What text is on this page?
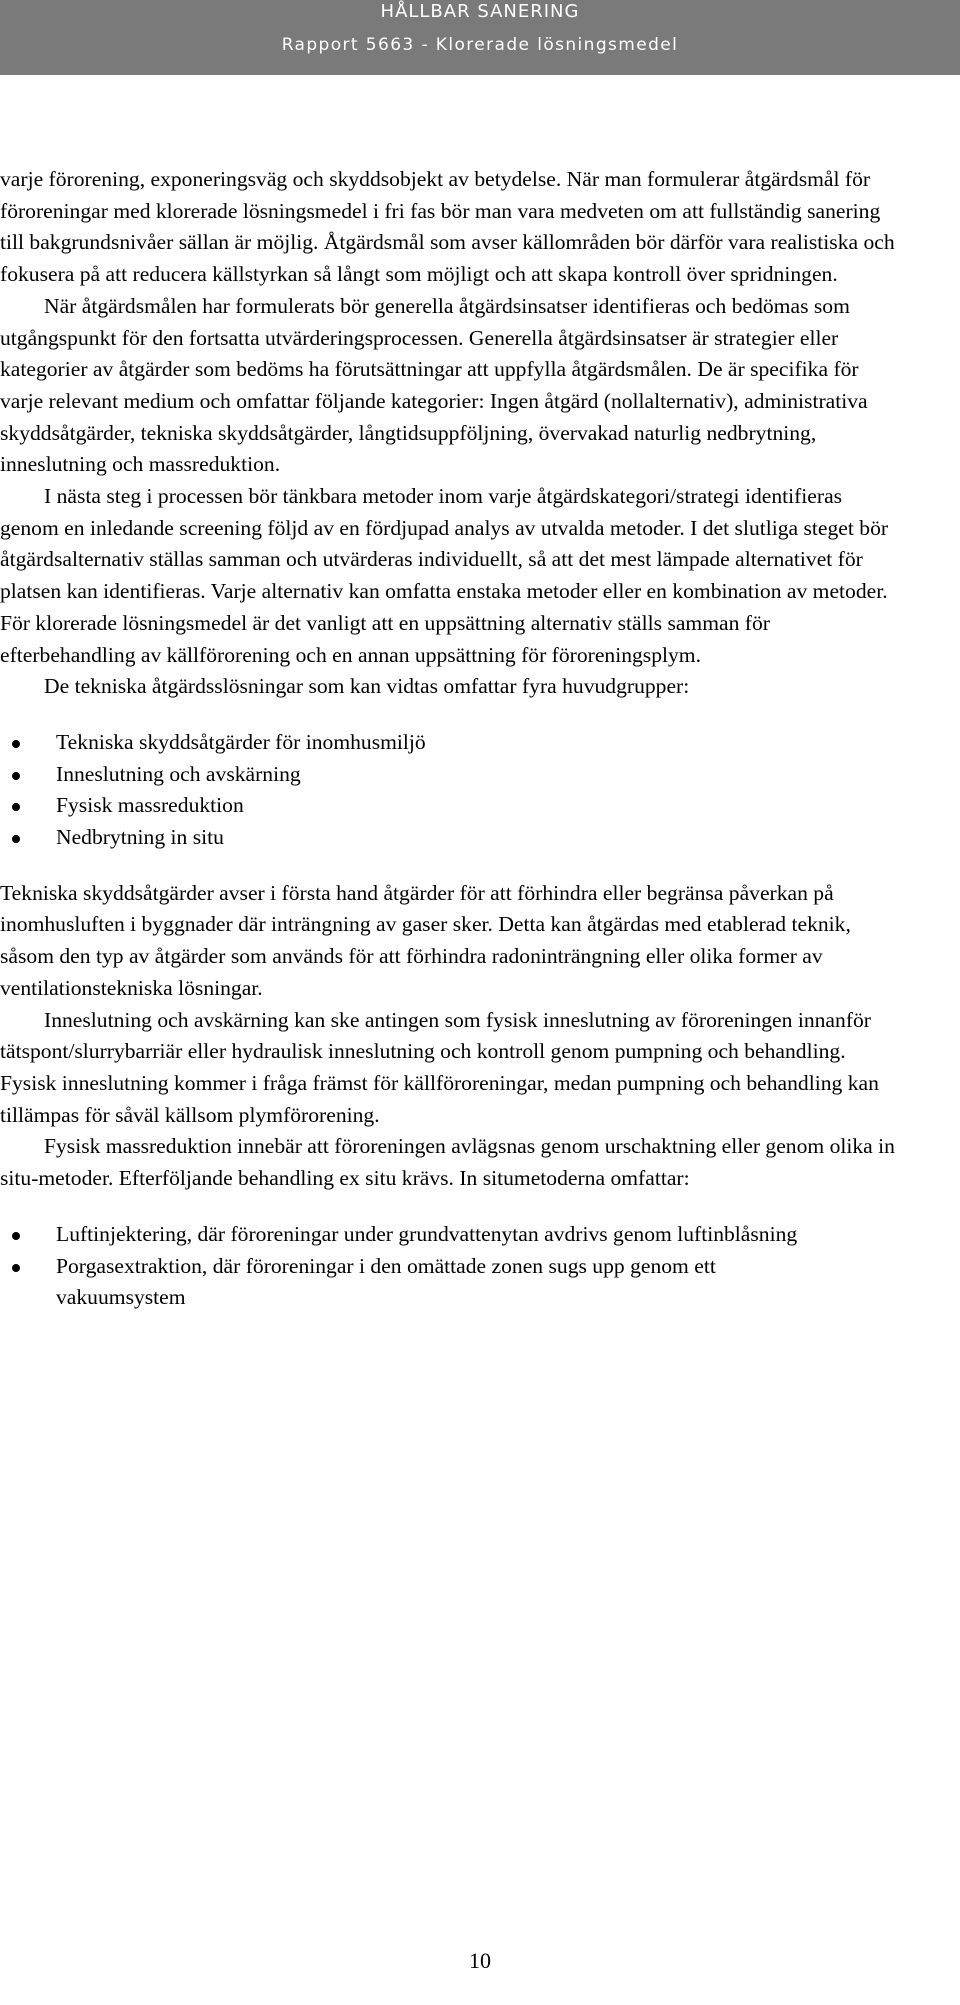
HÅLLBAR SANERING
Rapport 5663 - Klorerade lösningsmedel

varje förorening, exponeringsväg och skyddsobjekt av betydelse. När man formulerar åtgärdsmål för föroreningar med klorerade lösningsmedel i fri fas bör man vara medveten om att fullständig sanering till bakgrundsnivåer sällan är möjlig. Åtgärdsmål som avser källområden bör därför vara realistiska och fokusera på att reducera källstyrkan så långt som möjligt och att skapa kontroll över spridningen.

När åtgärdsmålen har formulerats bör generella åtgärdsinsatser identifieras och bedömas som utgångspunkt för den fortsatta utvärderingsprocessen. Generella åtgärdsinsatser är strategier eller kategorier av åtgärder som bedöms ha förutsättningar att uppfylla åtgärdsmålen. De är specifika för varje relevant medium och omfattar följande kategorier: Ingen åtgärd (nollalternativ), administrativa skyddsåtgärder, tekniska skyddsåtgärder, långtidsuppföljning, övervakad naturlig nedbrytning, inneslutning och massreduktion.

I nästa steg i processen bör tänkbara metoder inom varje åtgärdskategori/strategi identifieras genom en inledande screening följd av en fördjupad analys av utvalda metoder. I det slutliga steget bör åtgärdsalternativ ställas samman och utvärderas individuellt, så att det mest lämpade alternativet för platsen kan identifieras. Varje alternativ kan omfatta enstaka metoder eller en kombination av metoder. För klorerade lösningsmedel är det vanligt att en uppsättning alternativ ställs samman för efterbehandling av källförorening och en annan uppsättning för föroreningsplym.

De tekniska åtgärdsslösningar som kan vidtas omfattar fyra huvudgrupper:

Tekniska skyddsåtgärder för inomhusmiljö
Inneslutning och avskärning
Fysisk massreduktion
Nedbrytning in situ

Tekniska skyddsåtgärder avser i första hand åtgärder för att förhindra eller begränsa påverkan på inomhusluften i byggnader där inträngning av gaser sker. Detta kan åtgärdas med etablerad teknik, såsom den typ av åtgärder som används för att förhindra radoninträngning eller olika former av ventilationstekniska lösningar.

Inneslutning och avskärning kan ske antingen som fysisk inneslutning av föroreningen innanför tätspont/slurrybarriär eller hydraulisk inneslutning och kontroll genom pumpning och behandling. Fysisk inneslutning kommer i fråga främst för källföroreningar, medan pumpning och behandling kan tillämpas för såväl källsom plymförorening.

Fysisk massreduktion innebär att föroreningen avlägsnas genom urschaktning eller genom olika in situ-metoder. Efterföljande behandling ex situ krävs. In situmetoderna omfattar:

Luftinjektering, där föroreningar under grundvattenytan avdrivs genom luftinblåsning
Porgasextraktion, där föroreningar i den omättade zonen sugs upp genom ett vakuumsystem
10
